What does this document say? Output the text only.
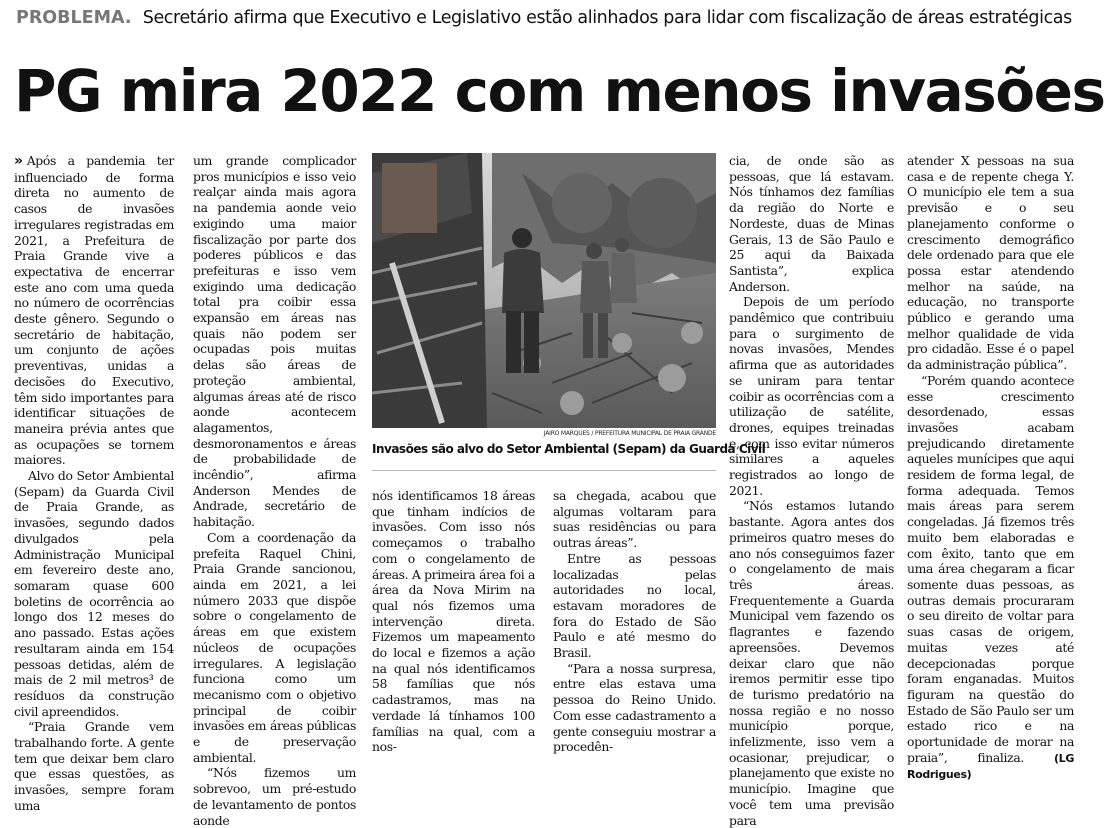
PROBLEMA. Secretário afirma que Executivo e Legislativo estão alinhados para lidar com fiscalização de áreas estratégicas
PG mira 2022 com menos invasões

» Após a pandemia ter influenciado de forma direta no aumento de casos de invasões irregulares registradas em 2021, a Prefeitura de Praia Grande vive a expectativa de encerrar este ano com uma queda no número de ocorrências deste gênero. Segundo o secretário de habitação, um conjunto de ações preventivas, unidas a decisões do Executivo, têm sido importantes para identificar situações de maneira prévia antes que as ocupações se tornem maiores.

Alvo do Setor Ambiental (Sepam) da Guarda Civil de Praia Grande, as invasões, segundo dados divulgados pela Administração Municipal em fevereiro deste ano, somaram quase 600 boletins de ocorrência ao longo dos 12 meses do ano passado. Estas ações resultaram ainda em 154 pessoas detidas, além de mais de 2 mil metros³ de resíduos da construção civil apreendidos.

“Praia Grande vem trabalhando forte. A gente tem que deixar bem claro que essas questões, as invasões, sempre foram uma

um grande complicador pros municípios e isso veio realçar ainda mais agora na pandemia aonde veio exigindo uma maior fiscalização por parte dos poderes públicos e das prefeituras e isso vem exigindo uma dedicação total pra coibir essa expansão em áreas nas quais não podem ser ocupadas pois muitas delas são áreas de proteção ambiental, algumas áreas até de risco aonde acontecem alagamentos, desmoronamentos e áreas de probabilidade de incêndio”, afirma Anderson Mendes de Andrade, secretário de habitação.

Com a coordenação da prefeita Raquel Chini, Praia Grande sancionou, ainda em 2021, a lei número 2033 que dispõe sobre o congelamento de áreas em que existem núcleos de ocupações irregulares. A legislação funciona como um mecanismo com o objetivo principal de coibir invasões em áreas públicas e de preservação ambiental.

“Nós fizemos um sobrevoo, um pré-estudo de levantamento de pontos aonde

JAIRO MARQUES / PREFEITURA MUNICIPAL DE PRAIA GRANDE
Invasões são alvo do Setor Ambiental (Sepam) da Guarda Civil

nós identificamos 18 áreas que tinham indícios de invasões. Com isso nós começamos o trabalho com o congelamento de áreas. A primeira área foi a área da Nova Mirim na qual nós fizemos uma intervenção direta. Fizemos um mapeamento do local e fizemos a ação na qual nós identificamos 58 famílias que nós cadastramos, mas na verdade lá tínhamos 100 famílias na qual, com a nos-

sa chegada, acabou que algumas voltaram para suas residências ou para outras áreas”.

Entre as pessoas localizadas pelas autoridades no local, estavam moradores de fora do Estado de São Paulo e até mesmo do Brasil.

“Para a nossa surpresa, entre elas estava uma pessoa do Reino Unido. Com esse cadastramento a gente conseguiu mostrar a procedên-

cia, de onde são as pessoas, que lá estavam. Nós tínhamos dez famílias da região do Norte e Nordeste, duas de Minas Gerais, 13 de São Paulo e 25 aqui da Baixada Santista”, explica Anderson.

Depois de um período pandêmico que contribuiu para o surgimento de novas invasões, Mendes afirma que as autoridades se uniram para tentar coibir as ocorrências com a utilização de satélite, drones, equipes treinadas e, com isso evitar números similares a aqueles registrados ao longo de 2021.

“Nós estamos lutando bastante. Agora antes dos primeiros quatro meses do ano nós conseguimos fazer o congelamento de mais três áreas. Frequentemente a Guarda Municipal vem fazendo os flagrantes e fazendo apreensões. Devemos deixar claro que não iremos permitir esse tipo de turismo predatório na nossa região e no nosso município porque, infelizmente, isso vem a ocasionar, prejudicar, o planejamento que existe no município. Imagine que você tem uma previsão para

atender X pessoas na sua casa e de repente chega Y. O município ele tem a sua previsão e o seu planejamento conforme o crescimento demográfico dele ordenado para que ele possa estar atendendo melhor na saúde, na educação, no transporte público e gerando uma melhor qualidade de vida pro cidadão. Esse é o papel da administração pública”.

“Porém quando acontece esse crescimento desordenado, essas invasões acabam prejudicando diretamente aqueles munícipes que aqui residem de forma legal, de forma adequada. Temos mais áreas para serem congeladas. Já fizemos três muito bem elaboradas e com êxito, tanto que em uma área chegaram a ficar somente duas pessoas, as outras demais procuraram o seu direito de voltar para suas casas de origem, muitas vezes até decepcionadas porque foram enganadas. Muitos figuram na questão do Estado de São Paulo ser um estado rico e na oportunidade de morar na praia”, finaliza.	(LG Rodrigues)
